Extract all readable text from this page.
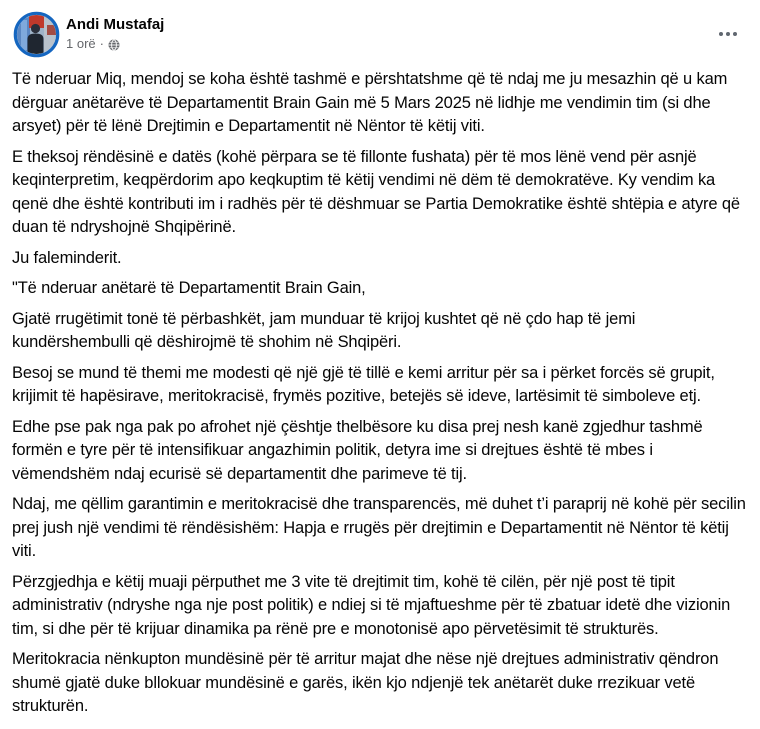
Andi Mustafaj
1 orë ·

Të nderuar Miq, mendoj se koha është tashmë e përshtatshme që të ndaj me ju mesazhin që u kam dërguar anëtarëve të Departamentit Brain Gain më 5 Mars 2025 në lidhje me vendimin tim (si dhe arsyet) për të lënë Drejtimin e Departamentit në Nëntor të këtij viti.

E theksoj rëndësinë e datës (kohë përpara se të fillonte fushata) për të mos lënë vend për asnjë keqinterpretim, keqpërdorim apo keqkuptim të këtij vendimi në dëm të demokratëve. Ky vendim ka qenë dhe është kontributi im i radhës për të dëshmuar se Partia Demokratike është shtëpia e atyre që duan të ndryshojnë Shqipërinë.

Ju faleminderit.

"Të nderuar anëtarë të Departamentit Brain Gain,

Gjatë rrugëtimit tonë të përbashkët, jam munduar të krijoj kushtet që në çdo hap të jemi kundërshembulli që dëshirojmë të shohim në Shqipëri.

Besoj se mund të themi me modesti që një gjë të tillë e kemi arritur për sa i përket forcës së grupit, krijimit të hapësirave, meritokracisë, frymës pozitive, betejës së ideve, lartësimit të simboleve etj.

Edhe pse pak nga pak po afrohet një çështje thelbësore ku disa prej nesh kanë zgjedhur tashmë formën e tyre për të intensifikuar angazhimin politik, detyra ime si drejtues është të mbes i vëmendshëm ndaj ecurisë së departamentit dhe parimeve të tij.

Ndaj, me qëllim garantimin e meritokracisë dhe transparencës, më duhet t’i paraprij në kohë për secilin prej jush një vendimi të rëndësishëm: Hapja e rrugës për drejtimin e Departamentit në Nëntor të këtij viti.

Përzgjedhja e këtij muaji përputhet me 3 vite të drejtimit tim, kohë të cilën, për një post të tipit administrativ (ndryshe nga nje post politik) e ndiej si të mjaftueshme për të zbatuar idetë dhe vizionin tim, si dhe për të krijuar dinamika pa rënë pre e monotonisë apo përvetësimit të strukturës.

Meritokracia nënkupton mundësinë për të arritur majat dhe nëse një drejtues administrativ qëndron shumë gjatë duke bllokuar mundësinë e garës, ikën kjo ndjenjë tek anëtarët duke rrezikuar vetë strukturën.
